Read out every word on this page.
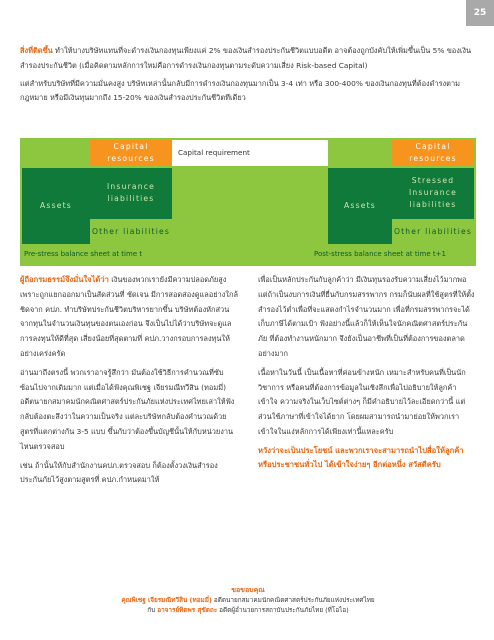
25

สิ่งที่ติดขึ้น ทำให้บางบริษัทแทนที่จะดำรงเงินกองทุนเพียงแค่ 2% ของเงินสำรองประกันชีวิตแบบอดีต อาจต้องถูกบังคับให้เพิ่มขึ้นเป็น 5% ของเงินสำรองประกันชีวิต (เมื่อคิดตามหลักการใหม่คือการดำรงเงินกองทุนตามระดับความเสี่ยง Risk-based Capital)

แต่สำหรับบริษัทที่มีความมั่นคงสูง บริษัทเหล่านั้นกลับมีการดำรงเงินกองทุนมากเป็น 3-4 เท่า หรือ 300-400% ของเงินกองทุนที่ต้องดำรงตามกฎหมาย หรือมีเงินทุนมากถึง 15-20% ของเงินสำรองประกันชีวิตทีเดียว

Capital resources
Capital requirement
Assets
Insurance liabilities
Other liabilities
Pre-stress balance sheet at time t
Capital resources
Assets
Stressed Insurance liabilities
Other liabilities
Post-stress balance sheet at time t+1

ผู้ถือกรมธรรม์จึงมั่นใจได้ว่า เงินของพวกเรายังมีความปลอดภัยสูงเพราะถูกแยกออกมาเป็นสัดส่วนที่ ชัดเจน มีการสอดส่องดูแลอย่างใกล้ชิดจาก คปภ. ทำบริษัทประกันชีวิตบริหารยากขึ้น บริษัทต้องหักส่วนจากทุนในจำนวนเงินทุนของตนเองก่อน จึงเป็นไปได้ว่าบริษัทจะดูแลการลงทุนให้ดีที่สุด เสี่ยงน้อยที่สุดตามที่ คปภ.วางกรอบการลงทุนให้อย่างเคร่งครัด

อ่านมาถึงตรงนี้ พวกเราอาจรู้สึกว่า มันต้องใช้วิธีการคำนวณที่ซับซ้อนไปจากเดิมมาก แต่เมื่อได้ฟังคุณพิเชฐ เจียรมณีทวีสิน (ทอมมี่) อดีตนายกสมาคมนักคณิตศาสตร์ประกันภัยแห่งประเทศไทยเล่าให้ฟังกลับต้องตะลึงว่าในความเป็นจริง แต่ละบริษัทกลับต้องคำนวณด้วยสูตรที่แตกต่างกัน 3-5 แบบ ขึ้นกับว่าต้องขึ้นบัญชีนั้นให้กับหน่วยงานไหนตรวจสอบ

เช่น ถ้านั้นให้กับสำนักงานคปภ.ตรวจสอบ ก็ต้องตั้งวงเงินสำรองประกันภัยไว้สูงตามสูตรที่ คปภ.กำหนดมาให้

เพื่อเป็นหลักประกันกับลูกค้าว่า มีเงินทุนรองรับความเสี่ยงไว้มากพอ แต่ถ้าเป็นงบการเงินที่ยื่นกับกรมสรรพากร กรมก็นับผลที่ใช้สูตรที่ให้ตั้งสำรองไว้ต่ำเพื่อที่จะแสดงกำไรจำนวนมาก เพื่อที่กรมสรรพากรจะได้เก็บภาษีได้ตามเป้า ฟังอย่างนี้แล้วก็ให้เห็นใจนักคณิตศาสตร์ประกันภัย ที่ต้องทำงานหนักมาก จึงยังเป็นอาชีพที่เป็นที่ต้องการของตลาดอย่างมาก

เนื้อหาในวันนี้ เป็นเนื้อหาที่ค่อนข้างหนัก เหมาะสำหรับคนที่เป็นนักวิชาการ หรือคนที่ต้องการข้อมูลในเชิงลึกเพื่อไปอธิบายให้ลูกค้าเข้าใจ ความจริงในเว็บไซต์ต่างๆ ก็มีคำอธิบายไว้ละเอียดกว่านี้ แต่ส่วนใช้ภาษาที่เข้าใจได้ยาก โดยผมสามารถนำมาย่อยให้พวกเราเข้าใจในแง่หลักการได้เพียงเท่านี้แหละครับ

หวังว่าจะเป็นประโยชน์ และพวกเราจะสามารถนำไปสื่อให้ลูกค้า หรือประชาชนทั่วไป ได้เข้าใจง่ายๆ อีกต่อหนึ่ง สวัสดีครับ

ขอขอบคุณ
คุณพิเชฐ เจียรมณีทวีสิน (ทอมมี่) อดีตนายกสมาคมนักคณิตศาสตร์ประกันภัยแห่งประเทศไทย
กับ อาจารย์ทิตพร สุขัตถะ อดีตผู้อำนวยการสถาบันประกันภัยไทย (ที่โอไอ)
